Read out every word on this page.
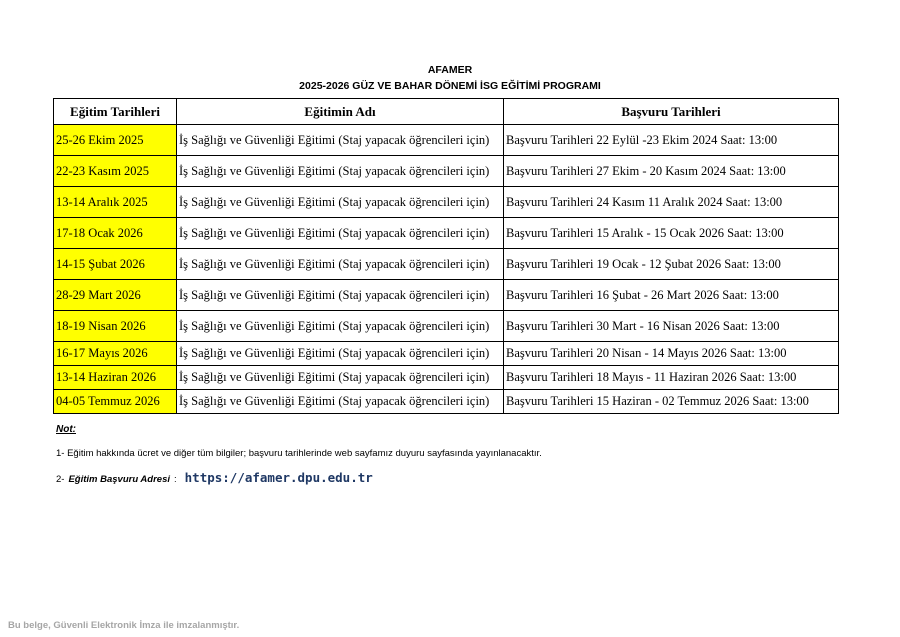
AFAMER
2025-2026 GÜZ VE BAHAR DÖNEMİ İSG EĞİTİMİ PROGRAMI
Eğitim Tarihleri	Eğitimin Adı	Başvuru Tarihleri
25-26 Ekim 2025	İş Sağlığı ve Güvenliği Eğitimi (Staj yapacak öğrencileri için)	Başvuru Tarihleri 22 Eylül -23 Ekim 2024 Saat: 13:00
22-23 Kasım 2025	İş Sağlığı ve Güvenliği Eğitimi (Staj yapacak öğrencileri için)	Başvuru Tarihleri 27 Ekim - 20 Kasım 2024 Saat: 13:00
13-14 Aralık 2025	İş Sağlığı ve Güvenliği Eğitimi (Staj yapacak öğrencileri için)	Başvuru Tarihleri 24 Kasım 11 Aralık 2024 Saat: 13:00
17-18 Ocak 2026	İş Sağlığı ve Güvenliği Eğitimi (Staj yapacak öğrencileri için)	Başvuru Tarihleri 15 Aralık - 15 Ocak 2026 Saat: 13:00
14-15 Şubat 2026	İş Sağlığı ve Güvenliği Eğitimi (Staj yapacak öğrencileri için)	Başvuru Tarihleri 19 Ocak - 12 Şubat 2026 Saat: 13:00
28-29 Mart 2026	İş Sağlığı ve Güvenliği Eğitimi (Staj yapacak öğrencileri için)	Başvuru Tarihleri 16 Şubat - 26 Mart 2026 Saat: 13:00
18-19 Nisan 2026	İş Sağlığı ve Güvenliği Eğitimi (Staj yapacak öğrencileri için)	Başvuru Tarihleri 30 Mart - 16 Nisan 2026 Saat: 13:00
16-17 Mayıs 2026	İş Sağlığı ve Güvenliği Eğitimi (Staj yapacak öğrencileri için)	Başvuru Tarihleri 20 Nisan - 14 Mayıs 2026 Saat: 13:00
13-14 Haziran 2026	İş Sağlığı ve Güvenliği Eğitimi (Staj yapacak öğrencileri için)	Başvuru Tarihleri 18 Mayıs - 11 Haziran 2026 Saat: 13:00
04-05 Temmuz 2026	İş Sağlığı ve Güvenliği Eğitimi (Staj yapacak öğrencileri için)	Başvuru Tarihleri 15 Haziran - 02 Temmuz 2026 Saat: 13:00
Not:
1- Eğitim hakkında ücret ve diğer tüm bilgiler; başvuru tarihlerinde web sayfamız duyuru sayfasında yayınlanacaktır.
2- Eğitim Başvuru Adresi : https://afamer.dpu.edu.tr
Bu belge, Güvenli Elektronik İmza ile imzalanmıştır.
